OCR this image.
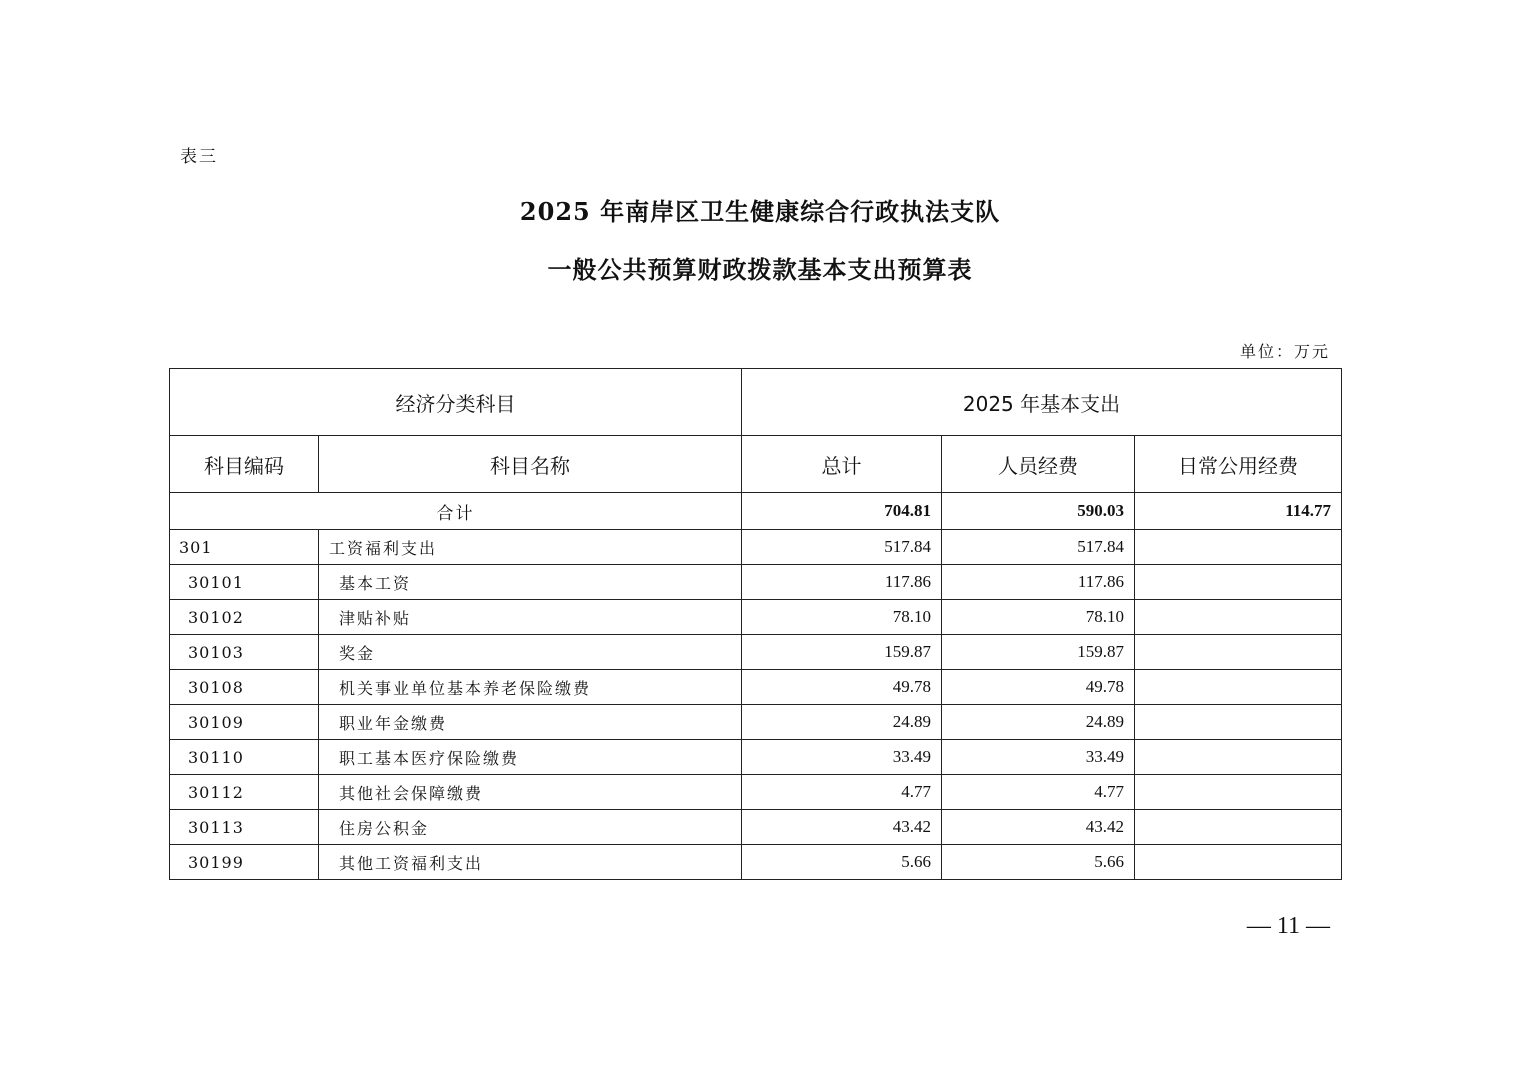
表三
2025 年南岸区卫生健康综合行政执法支队
一般公共预算财政拨款基本支出预算表
单位：万元
经济分类科目		2025 年基本支出		
科目编码	科目名称	总计	人员经费	日常公用经费
合计		704.81	590.03	114.77
301	工资福利支出	517.84	517.84	
30101	基本工资	117.86	117.86	
30102	津贴补贴	78.10	78.10	
30103	奖金	159.87	159.87	
30108	机关事业单位基本养老保险缴费	49.78	49.78	
30109	职业年金缴费	24.89	24.89	
30110	职工基本医疗保险缴费	33.49	33.49	
30112	其他社会保障缴费	4.77	4.77	
30113	住房公积金	43.42	43.42	
30199	其他工资福利支出	5.66	5.66	
— 11 —
